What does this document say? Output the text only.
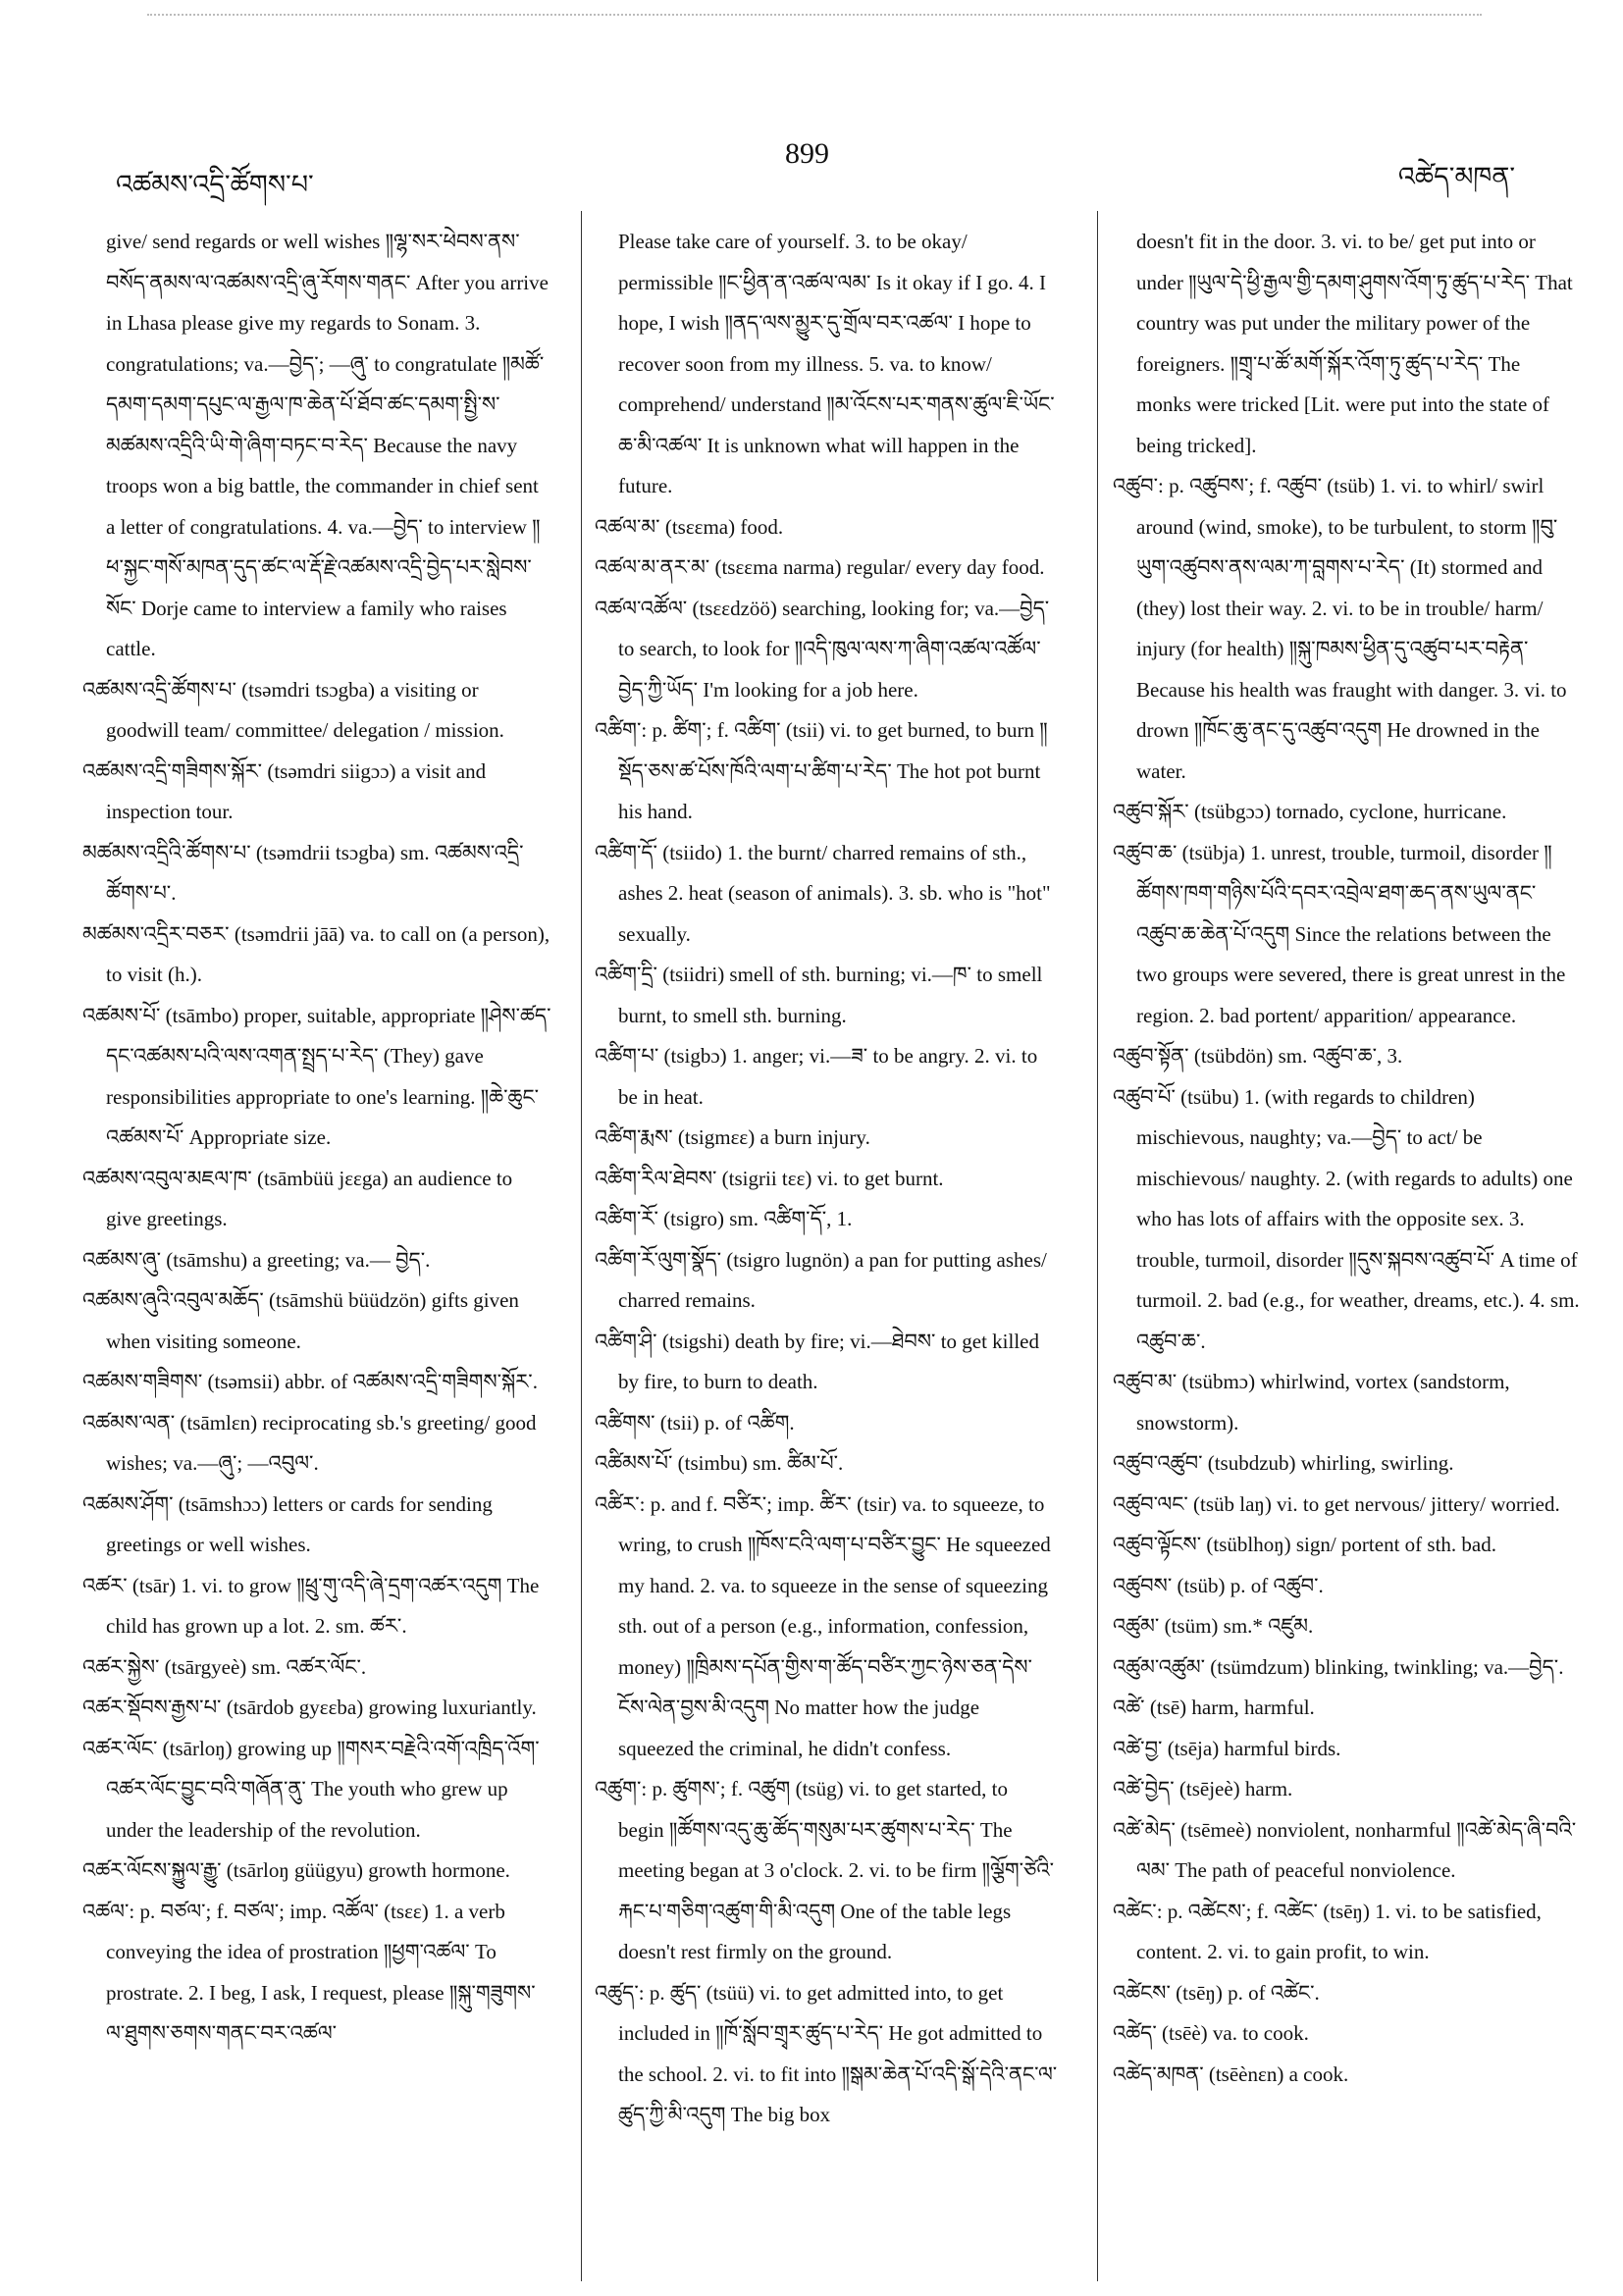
འཚམས་འདྲི་ཚོགས་པ་
899
འཚེད་མཁན་

give/ send regards or well wishes ༎ལྷ་སར་ཕེབས་ནས་བསོད་ནམས་ལ་འཚམས་འདྲི་ཞུ་རོགས་གནང་ After you arrive in Lhasa please give my regards to Sonam. 3. congratulations; va.—བྱེད་; —ཞུ་ to congratulate ༎མཚོ་དམག་དམག་དཔུང་ལ་རྒྱལ་ཁ་ཆེན་པོ་ཐོབ་ཚང་དམག་སྤྱི་ས་མཚམས་འདྲིའི་ཡི་གེ་ཞིག་བཏང་བ་རེད་ Because the navy troops won a big battle, the commander in chief sent a letter of congratulations. 4. va.—བྱེད་ to interview ༎ཕ་སྐྱང་གསོ་མཁན་དུད་ཚང་ལ་རྡོ་རྗེ་འཚམས་འདྲི་བྱེད་པར་སླེབས་སོང་ Dorje came to interview a family who raises cattle.

འཚམས་འདྲི་ཚོགས་པ་ (tsəmdri tsɔgba) a visiting or goodwill team/ committee/ delegation / mission.

འཚམས་འདྲི་གཟིགས་སྐོར་ (tsəmdri siigɔɔ) a visit and inspection tour.

མཚམས་འདྲིའི་ཚོགས་པ་ (tsəmdrii tsɔgba) sm. འཚམས་འདྲི་ཚོགས་པ་.

མཚམས་འདྲིར་བཅར་ (tsəmdrii jāā) va. to call on (a person), to visit (h.).

འཚམས་པོ་ (tsāmbo) proper, suitable, appropriate ༎ཤེས་ཚད་དང་འཚམས་པའི་ལས་འགན་སྤྲད་པ་རེད་ (They) gave responsibilities appropriate to one's learning. ༎ཆེ་ཆུང་འཚམས་པོ་ Appropriate size.

འཚམས་འབུལ་མཇལ་ཁ་ (tsāmbüü jεεga) an audience to give greetings.

འཚམས་ཞུ་ (tsāmshu) a greeting; va.— བྱེད་.

འཚམས་ཞུའི་འབུལ་མཆོད་ (tsāmshü büüdzön) gifts given when visiting someone.

འཚམས་གཟིགས་ (tsəmsii) abbr. of འཚམས་འདྲི་གཟིགས་སྐོར་.

འཚམས་ལན་ (tsāmlεn) reciprocating sb.'s greeting/ good wishes; va.—ཞུ་; —འབུལ་.

འཚམས་ཤོག་ (tsāmshɔɔ) letters or cards for sending greetings or well wishes.

འཚར་ (tsār) 1. vi. to grow ༎ཕྲུ་གུ་འདི་ཞེ་དྲག་འཚར་འདུག The child has grown up a lot. 2. sm. ཚར་.

འཚར་སྐྱེས་ (tsārgyeè) sm. འཚར་ལོང་.

འཚར་སྡོབས་རྒྱས་པ་ (tsārdob gyεεba) growing luxuriantly.

འཚར་ལོང་ (tsārloŋ) growing up ༎གསར་བརྗེའི་འགོ་འཁྲིད་འོག་འཚར་ལོང་བྱུང་བའི་གཞོན་ནུ་ The youth who grew up under the leadership of the revolution.

འཚར་ལོངས་སྐྱུལ་རྒྱུ་ (tsārloŋ güügyu) growth hormone.

འཚལ་: p. བཙལ་; f. བཙལ་; imp. འཚོལ་ (tsεε) 1. a verb conveying the idea of prostration ༎ཕྱག་འཚལ་ To prostrate. 2. I beg, I ask, I request, please ༎སྐུ་གཟུགས་ལ་ཐུགས་ཅགས་གནང་བར་འཚལ་

Please take care of yourself. 3. to be okay/ permissible ༎ང་ཕྱིན་ན་འཚལ་ལམ་ Is it okay if I go. 4. I hope, I wish ༎ནད་ལས་མྱུར་དུ་གྲོལ་བར་འཚལ་ I hope to recover soon from my illness. 5. va. to know/ comprehend/ understand ༎མ་འོངས་པར་གནས་ཚུལ་ཇི་ཡོང་ཆ་མི་འཚལ་ It is unknown what will happen in the future.

འཚལ་མ་ (tsεεma) food.

འཚལ་མ་ནར་མ་ (tsεεma narma) regular/ every day food.

འཚལ་འཚོལ་ (tsεεdzöö) searching, looking for; va.—བྱེད་ to search, to look for ༎འདི་ཁུལ་ལས་ཀ་ཞིག་འཚལ་འཚོལ་བྱེད་ཀྱི་ཡོད་ I'm looking for a job here.

འཚིག་: p. ཚིག་; f. འཚིག་ (tsii) vi. to get burned, to burn ༎སྡོད་ཅས་ཚ་པོས་ཁོའི་ལག་པ་ཚིག་པ་རེད་ The hot pot burnt his hand.

འཚིག་དོ་ (tsiido) 1. the burnt/ charred remains of sth., ashes 2. heat (season of animals). 3. sb. who is "hot" sexually.

འཚིག་དྲི་ (tsiidri) smell of sth. burning; vi.—ཁ་ to smell burnt, to smell sth. burning.

འཚིག་པ་ (tsigbɔ) 1. anger; vi.—ཟ་ to be angry. 2. vi. to be in heat.

འཚིག་རྨས་ (tsigmεε) a burn injury.

འཚིག་རིལ་ཐེབས་ (tsigrii tεε) vi. to get burnt.

འཚིག་རོ་ (tsigro) sm. འཚིག་དོ་, 1.

འཚིག་རོ་ལུག་སྣོད་ (tsigro lugnön) a pan for putting ashes/ charred remains.

འཚིག་ཤི་ (tsigshi) death by fire; vi.—ཐེབས་ to get killed by fire, to burn to death.

འཚིགས་ (tsii) p. of འཚིག.

འཚིམས་པོ་ (tsimbu) sm. ཚིམ་པོ་.

འཚིར་: p. and f. བཙིར་; imp. ཚིར་ (tsir) va. to squeeze, to wring, to crush ༎ཁོས་ངའི་ལག་པ་བཙིར་བྱུང་ He squeezed my hand. 2. va. to squeeze in the sense of squeezing sth. out of a person (e.g., information, confession, money) ༎ཁྲིམས་དཔོན་གྱིས་ག་ཚོད་བཙིར་ཀྱང་ཉེས་ཅན་དེས་ངོས་ལེན་བྱས་མི་འདུག No matter how the judge squeezed the criminal, he didn't confess.

འཚུག་: p. ཚུགས་; f. འཚུག (tsüg) vi. to get started, to begin ༎ཚོགས་འདུ་ཆུ་ཚོད་གསུམ་པར་ཚུགས་པ་རེད་ The meeting began at 3 o'clock. 2. vi. to be firm ༎ལྕོག་ཙེའི་རྐང་པ་གཅིག་འཚུག་གི་མི་འདུག One of the table legs doesn't rest firmly on the ground.

འཚུད་: p. ཚུད་ (tsüü) vi. to get admitted into, to get included in ༎ཁོ་སློབ་གྲྭར་ཚུད་པ་རེད་ He got admitted to the school. 2. vi. to fit into ༎སྒམ་ཆེན་པོ་འདི་སྒོ་དེའི་ནང་ལ་ཚུད་ཀྱི་མི་འདུག The big box

doesn't fit in the door. 3. vi. to be/ get put into or under ༎ཡུལ་དེ་ཕྱི་རྒྱལ་གྱི་དམག་ཤུགས་འོག་ཏུ་ཚུད་པ་རེད་ That country was put under the military power of the foreigners. ༎གྲྭ་པ་ཚོ་མགོ་སྐོར་འོག་ཏུ་ཚུད་པ་རེད་ The monks were tricked [Lit. were put into the state of being tricked].

འཚུབ་: p. འཚུབས་; f. འཚུབ་ (tsüb) 1. vi. to whirl/ swirl around (wind, smoke), to be turbulent, to storm ༎བུ་ཡུག་འཚུབས་ནས་ལམ་ཀ་བླགས་པ་རེད་ (It) stormed and (they) lost their way. 2. vi. to be in trouble/ harm/ injury (for health) ༎སྐུ་ཁམས་ཕྱིན་དུ་འཚུབ་པར་བརྟེན་ Because his health was fraught with danger. 3. vi. to drown ༎ཁོང་ཆུ་ནང་དུ་འཚུབ་འདུག He drowned in the water.

འཚུབ་སྐོར་ (tsübgɔɔ) tornado, cyclone, hurricane.

འཚུབ་ཆ་ (tsübja) 1. unrest, trouble, turmoil, disorder ༎ཚོགས་ཁག་གཉིས་པོའི་དབར་འབྲེལ་ཐག་ཆད་ནས་ཡུལ་ནང་འཚུབ་ཆ་ཆེན་པོ་འདུག Since the relations between the two groups were severed, there is great unrest in the region. 2. bad portent/ apparition/ appearance.

འཚུབ་སྟོན་ (tsübdön) sm. འཚུབ་ཆ་, 3.

འཚུབ་པོ་ (tsübu) 1. (with regards to children) mischievous, naughty; va.—བྱེད་ to act/ be mischievous/ naughty. 2. (with regards to adults) one who has lots of affairs with the opposite sex. 3. trouble, turmoil, disorder ༎དུས་སྐབས་འཚུབ་པོ་ A time of turmoil. 2. bad (e.g., for weather, dreams, etc.). 4. sm. འཚུབ་ཆ་.

འཚུབ་མ་ (tsübmɔ) whirlwind, vortex (sandstorm, snowstorm).

འཚུབ་འཚུབ་ (tsubdzub) whirling, swirling.

འཚུབ་ལང་ (tsüb laŋ) vi. to get nervous/ jittery/ worried.

འཚུབ་ལྟོངས་ (tsüblhoŋ) sign/ portent of sth. bad.

འཚུབས་ (tsüb) p. of འཚུབ་.

འཚུམ་ (tsüm) sm.* འཛུམ.

འཚུམ་འཚུམ་ (tsümdzum) blinking, twinkling; va.—བྱེད་.

འཚེ་ (tsē) harm, harmful.

འཚེ་བྱ་ (tsēja) harmful birds.

འཚེ་བྱེད་ (tsējeè) harm.

འཚེ་མེད་ (tsēmeè) nonviolent, nonharmful ༎འཚེ་མེད་ཞི་བའི་ལམ་ The path of peaceful nonviolence.

འཚེང་: p. འཚེངས་; f. འཚེང་ (tsēŋ) 1. vi. to be satisfied, content. 2. vi. to gain profit, to win.

འཚེངས་ (tsēŋ) p. of འཚེང་.

འཚེད་ (tsēè) va. to cook.

འཚེད་མཁན་ (tsēènεn) a cook.
